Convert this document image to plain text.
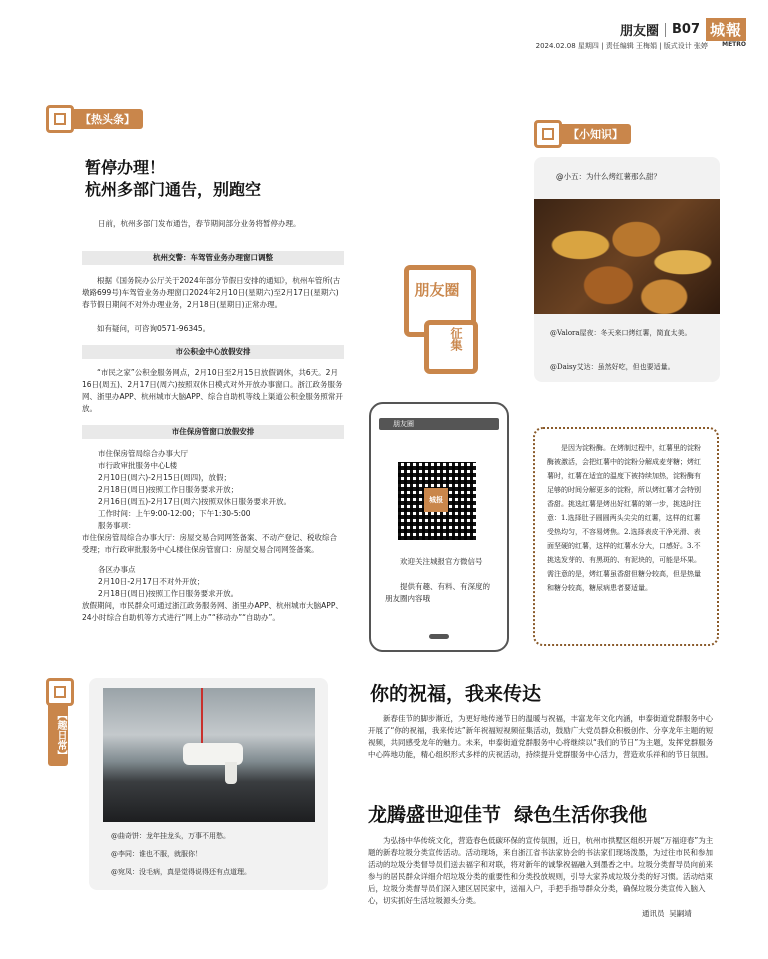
朋友圈 B07 城報
2024.02.08 星期四 | 责任编辑 王梅娟 | 版式设计 张婷 METRO
【热头条】
暂停办理！
杭州多部门通告，别跑空
日前，杭州多部门发布通告，春节期间部分业务将暂停办理。
杭州交警：车驾管业务办理窗口调整
根据《国务院办公厅关于2024年部分节假日安排的通知》，杭州车管所(古墩路699号)车驾管业务办理窗口2024年2月10日(星期六)至2月17日(星期六)春节假日期间不对外办理业务，2月18日(星期日)正常办理。
如有疑问，可咨询0571-96345。
市公积金中心放假安排
“市民之家”公积金服务网点，2月10日至2月15日放假调休，共6天。2月16日(周五)、2月17日(周六)按照双休日模式对外开放办事窗口。浙江政务服务网、浙里办APP、杭州城市大脑APP、综合自助机等线上渠道公积金服务照常开放。
市住保房管窗口放假安排
市住保房管局综合办事大厅
市行政审批服务中心L楼
2月10日(周六)-2月15日(周四)，放假；
2月18日(周日)按照工作日服务要求开放；
2月16日(周五)-2月17日(周六)按照双休日服务要求开放。
工作时间：上午9:00-12:00；下午1:30-5:00
服务事项：
市住保房管局综合办事大厅：房屋交易合同网签备案、不动产登记、税收综合受理；市行政审批服务中心L楼住保房管窗口：房屋交易合同网签备案。
各区办事点
2月10日-2月17日不对外开放；
2月18日(周日)按照工作日服务要求开放。
放假期间，市民群众可通过浙江政务服务网、浙里办APP、杭州城市大脑APP、24小时综合自助机等方式进行“网上办”“移动办”“自助办”。
【小知识】
@小五：为什么烤红薯那么甜？
@Valora屋夜：冬天来口烤红薯，简直太美。
@Daisy艾达：虽然好吃，但也要适量。
是因为淀粉酶。在烤制过程中，红薯里的淀粉酶被激活，会把红薯中的淀粉分解成麦芽糖；烤红薯时，红薯在适宜的温度下被持续加热，淀粉酶有足够的时间分解更多的淀粉，所以烤红薯才会特别香甜。挑选红薯是烤出好红薯的第一步，挑选时注意：1.选择肚子圆圆两头尖尖的红薯，这样的红薯受热均匀，不容易烤焦。2.选择表皮干净光滑、表面坚硬的红薯，这样的红薯水分大，口感好。3.不挑选发芽的、有黑斑的、有泥块的，可能是坏果。需注意的是，烤红薯虽香甜但糖分较高，但是热量和糖分较高，糖尿病患者要适量。
朋友圈
征集
朋友圈
城报
欢迎关注城报官方微信号
提供有趣、有料、有深度的朋友圈内容哦
【趣日常】
@曲奇饼：龙年挂龙头，万事不用愁。
@李同：谁也不服，就服你！
@宛凤：没毛病，真是觉得说得还有点道理。
你的祝福，我来传达
新春佳节的脚步渐近，为更好地传递节日的温暖与祝福，丰富龙年文化内涵，申泰街道党群服务中心开展了“你的祝福，我来传达”新年祝福短视频征集活动，鼓励广大党员群众积极创作、分享龙年主题的短视频，共同感受龙年的魅力。未来，申泰街道党群服务中心将继续以“我们的节日”为主题，发挥党群服务中心阵地功能，精心组织形式多样的庆祝活动，持续提升党群服务中心活力，营造欢乐祥和的节日氛围。
龙腾盛世迎佳节  绿色生活你我他
为弘扬中华传统文化，营造春色低碳环保的宣传氛围，近日，杭州市拱墅区组织开展“万福迎春”为主题的新春垃圾分类宣传活动。活动现场，来自浙江省书法家协会的书法家们现场泼墨，为过往市民和参加活动的垃圾分类督导员们送去福字和对联，将对新年的诚挚祝福融入到墨香之中。垃圾分类督导员向前来参与的居民群众详细介绍垃圾分类的重要性和分类投放规则，引导大家养成垃圾分类的好习惯。活动结束后，垃圾分类督导员们深入建区居民家中，送福入户，手把手指导群众分类，确保垃圾分类宣传入脑入心，切实抓好生活垃圾源头分类。
通讯员  吴嗣靖
